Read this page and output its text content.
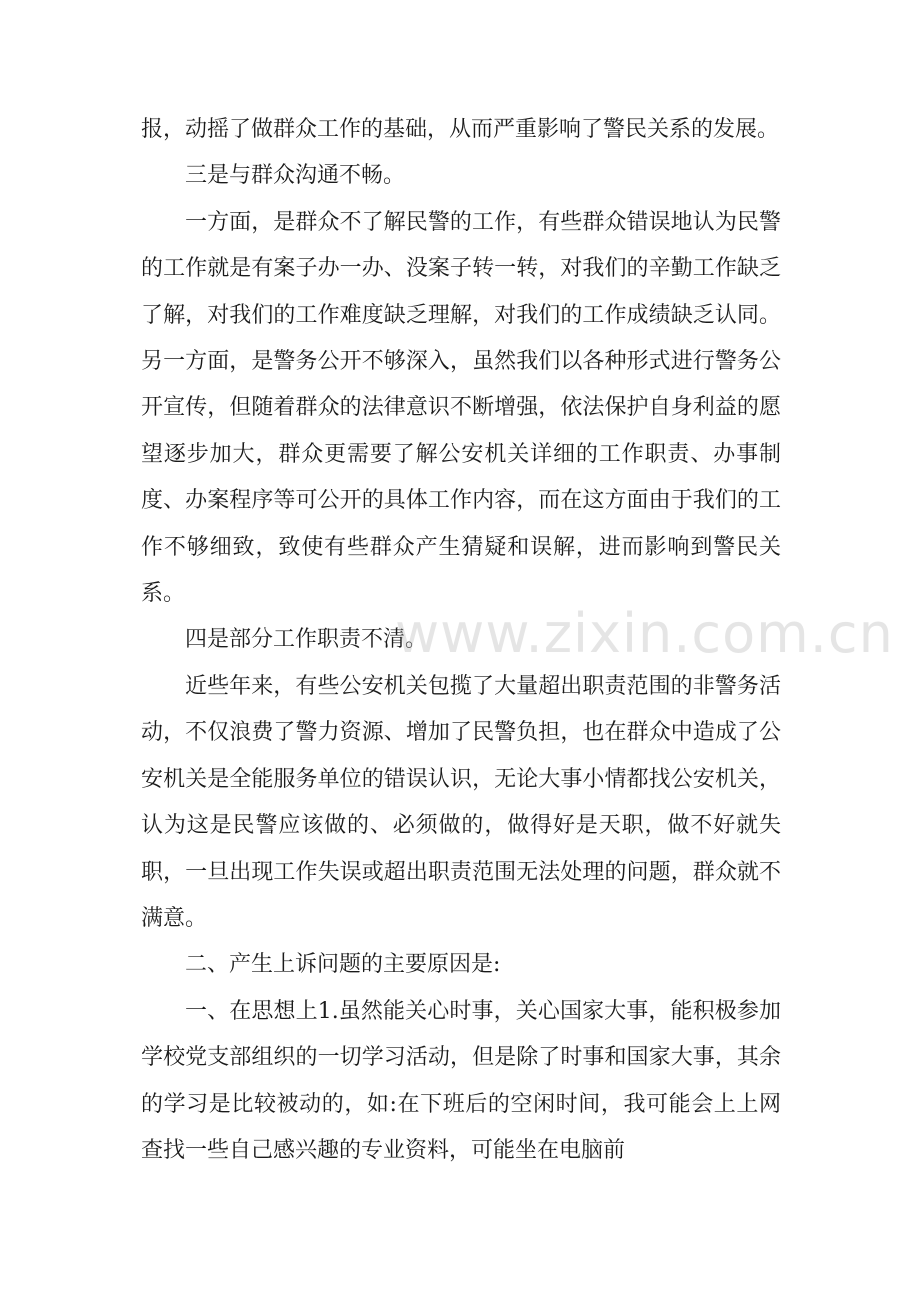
报，动摇了做群众工作的基础，从而严重影响了警民关系的发展。

三是与群众沟通不畅。

一方面，是群众不了解民警的工作，有些群众错误地认为民警的工作就是有案子办一办、没案子转一转，对我们的辛勤工作缺乏了解，对我们的工作难度缺乏理解，对我们的工作成绩缺乏认同。另一方面，是警务公开不够深入，虽然我们以各种形式进行警务公开宣传，但随着群众的法律意识不断增强，依法保护自身利益的愿望逐步加大，群众更需要了解公安机关详细的工作职责、办事制度、办案程序等可公开的具体工作内容，而在这方面由于我们的工作不够细致，致使有些群众产生猜疑和误解，进而影响到警民关系。

四是部分工作职责不清。

近些年来，有些公安机关包揽了大量超出职责范围的非警务活动，不仅浪费了警力资源、增加了民警负担，也在群众中造成了公安机关是全能服务单位的错误认识，无论大事小情都找公安机关，认为这是民警应该做的、必须做的，做得好是天职，做不好就失职，一旦出现工作失误或超出职责范围无法处理的问题，群众就不满意。

二、产生上诉问题的主要原因是:

一、在思想上1.虽然能关心时事，关心国家大事，能积极参加学校党支部组织的一切学习活动，但是除了时事和国家大事，其余的学习是比较被动的，如:在下班后的空闲时间，我可能会上上网查找一些自己感兴趣的专业资料，可能坐在电脑前

www.zixin.com.cn
